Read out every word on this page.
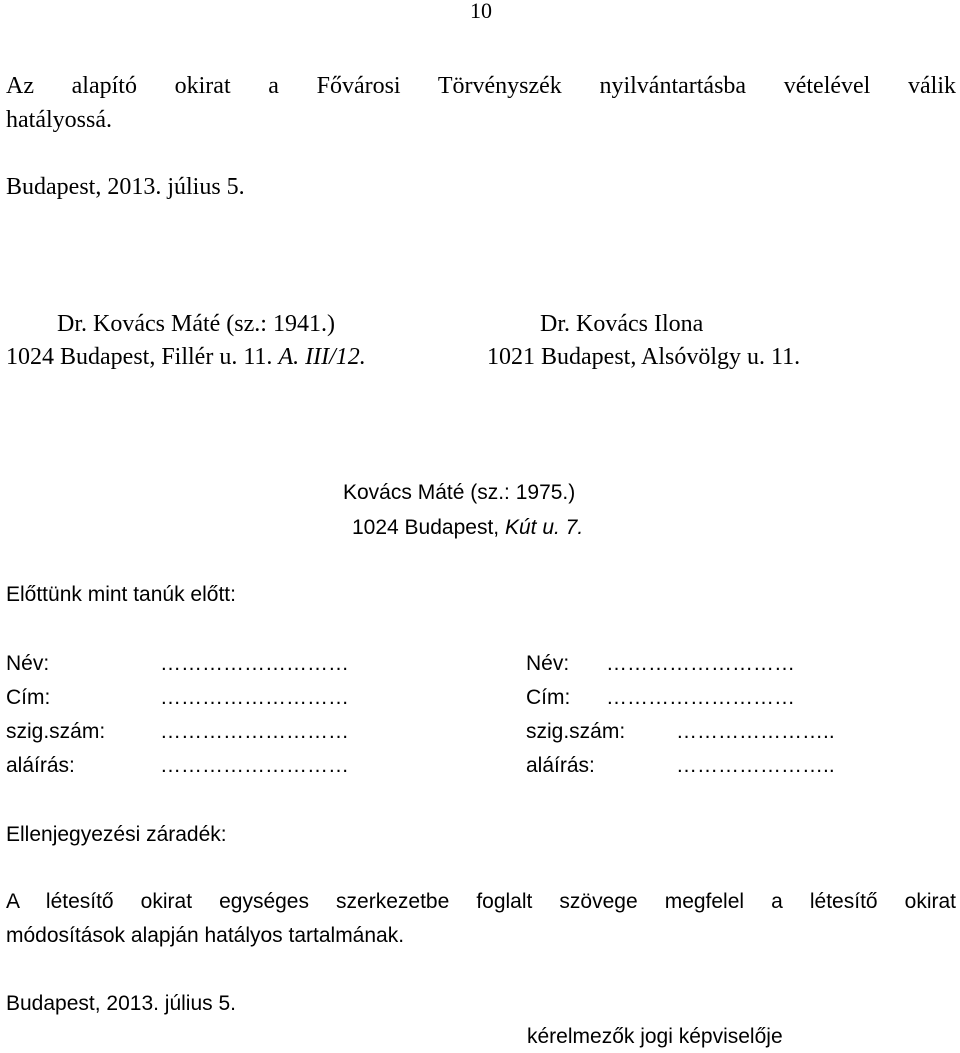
10
Az alapító okirat a Fővárosi Törvényszék nyilvántartásba vételével válik
hatályossá.
Budapest, 2013. július 5.
Dr. Kovács Máté (sz.: 1941.)
1024 Budapest, Fillér u. 11. A. III/12.
Dr. Kovács Ilona
1021 Budapest, Alsóvölgy u. 11.
Kovács Máté (sz.: 1975.)
1024 Budapest, Kút u. 7.
Előttünk mint tanúk előtt:
Név:
Cím:
szig.szám:
aláírás:
………………………
………………………
………………………
………………………
Név:
Cím:
szig.szám:
aláírás:
………………………
………………………
…………………..
…………………..
Ellenjegyezési záradék:
A létesítő okirat egységes szerkezetbe foglalt szövege megfelel a létesítő okirat
módosítások alapján hatályos tartalmának.
Budapest, 2013. július 5.
kérelmezők jogi képviselője
